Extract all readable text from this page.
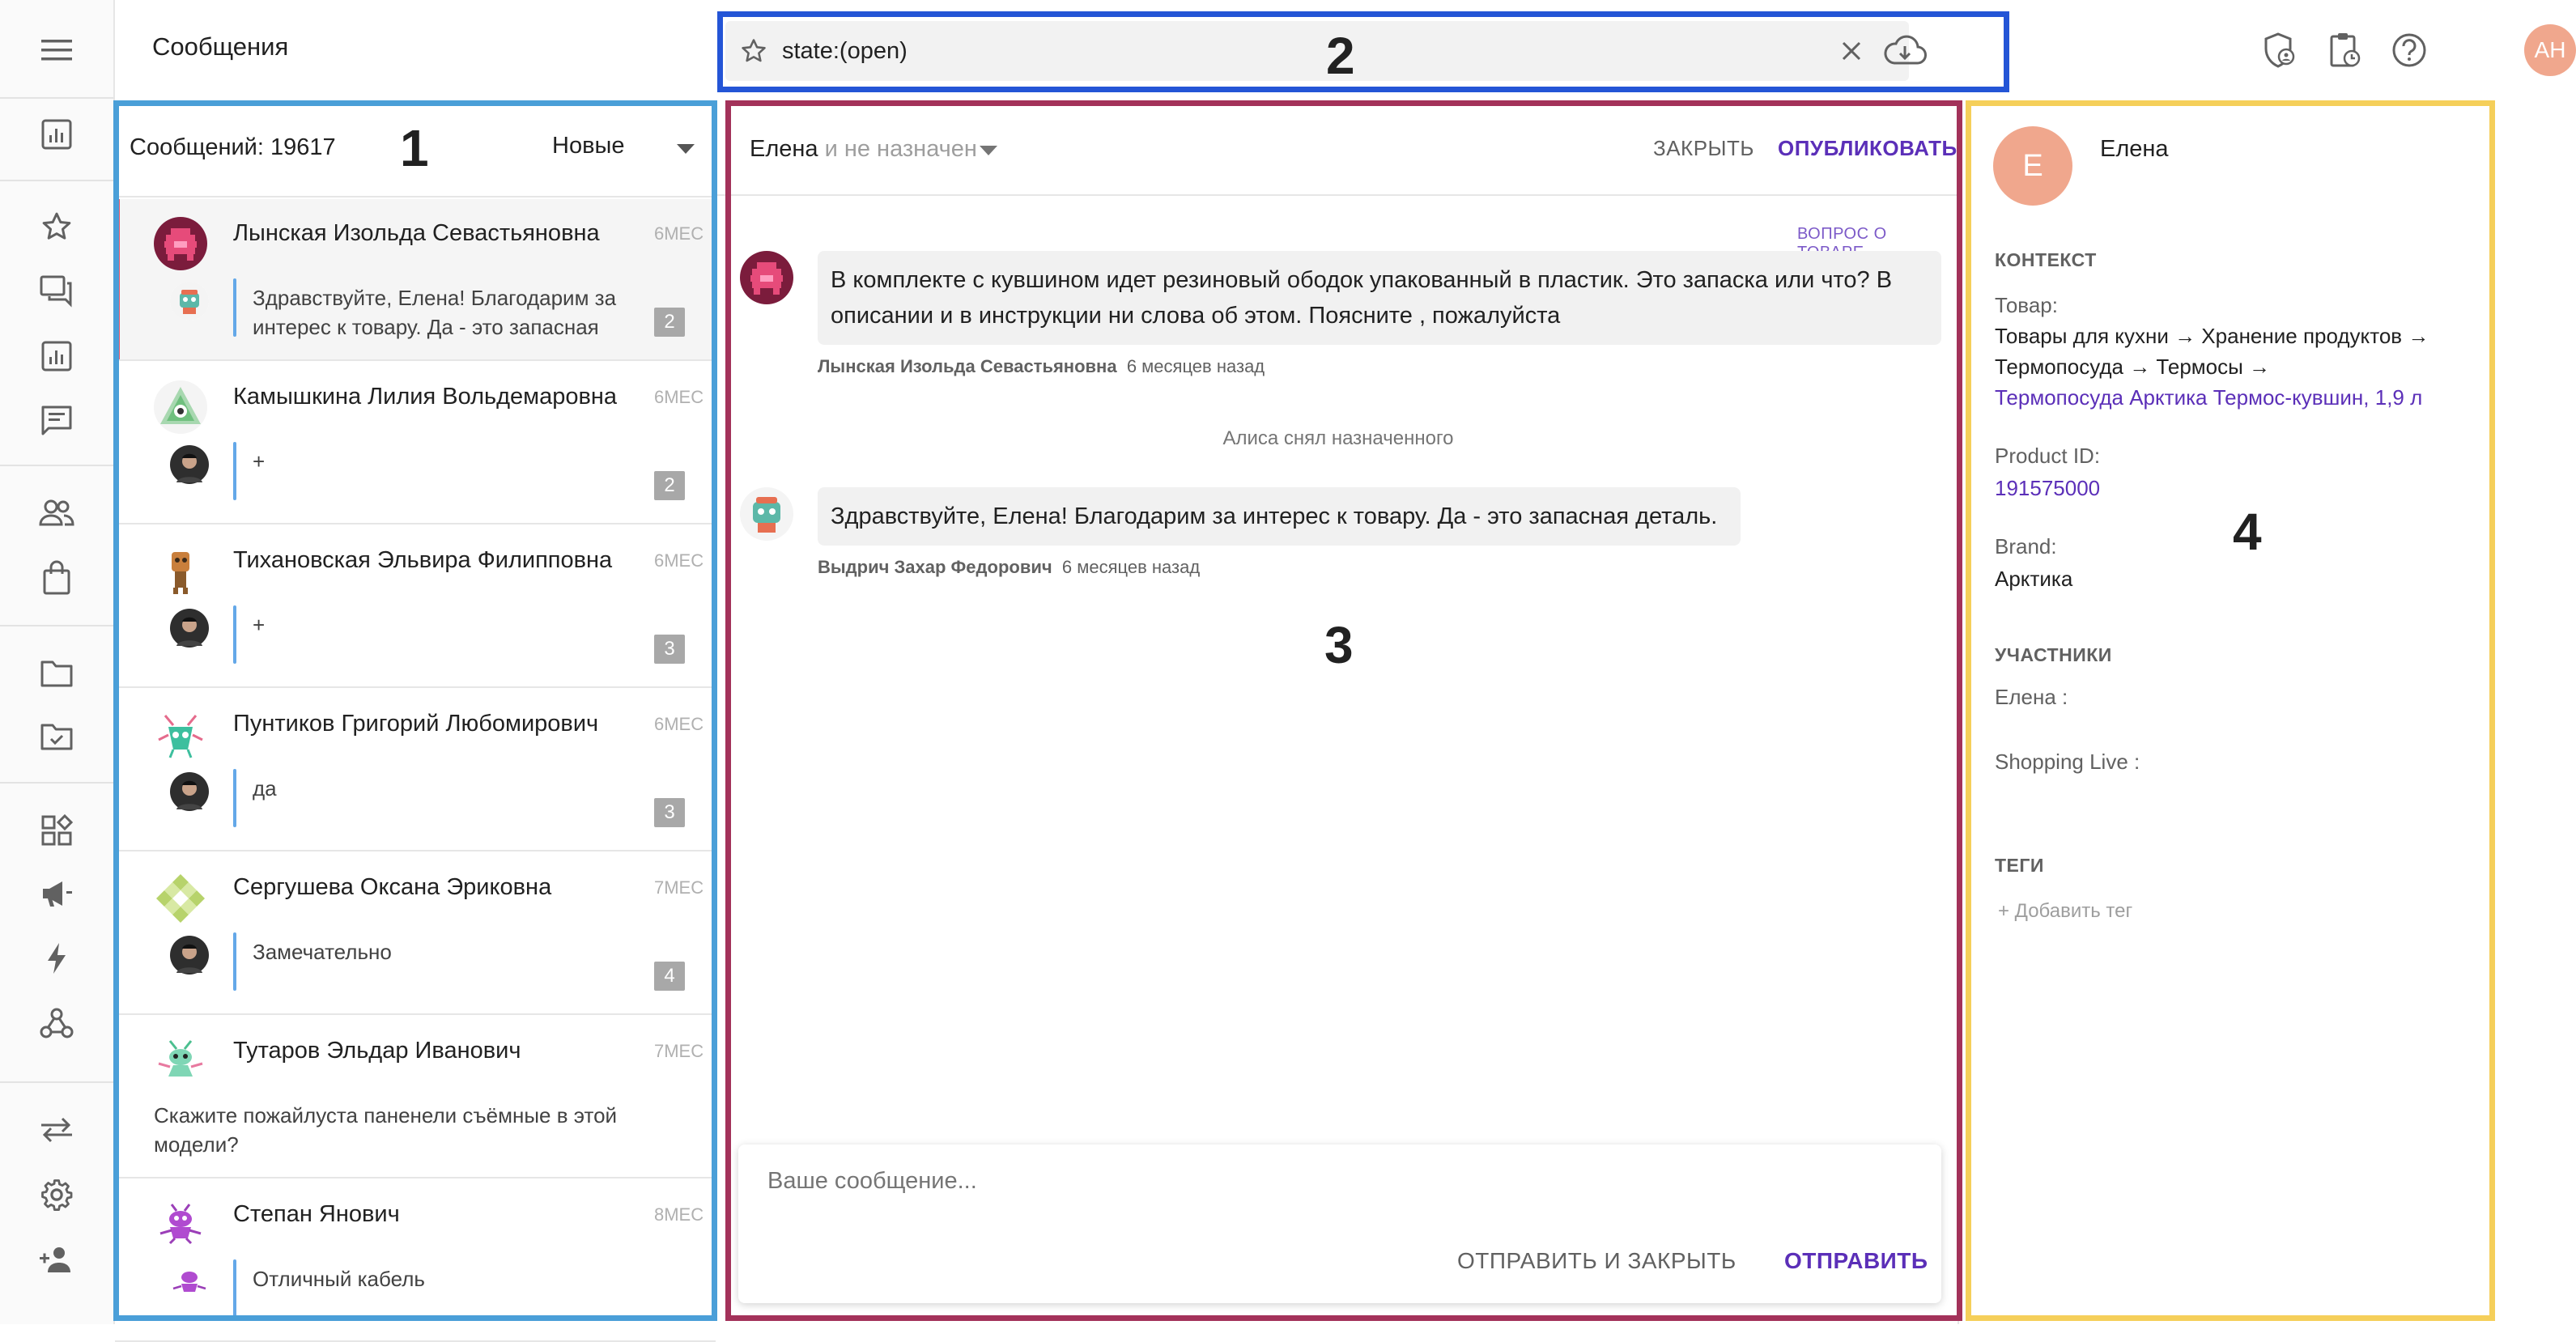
Сообщения
state:(open)	АН
Сообщений: 19617	Новые
Лынская Изольда Севастьяновна	6МЕС
Здравствуйте, Елена! Благодарим за интерес к товару. Да - это запасная	2
Камышкина Лилия Вольдемаровна 6МЕС
+
2
Тихановская Эльвира Филипповна 6МЕС
+
3
Пунтиков Григорий Любомирович	6МЕС
да
3
Сергушева Оксана Эриковна	7МЕС
Замечательно
4
Тутаров Эльдар Иванович	7МЕС
Скажите пожайлуста паненели съёмные в этой модели?
Степан Янович	8МЕС
Отличный кабель
Елена и не назначен	ЗАКРЫТЬ ОПУБЛИКОВАТЬ
ВОПРОС О
В комплекте с кувшином идет резиновый ободок упакованный в пластик. Это запаска или что? В описании и в инструкции ни слова об этом. Поясните , пожалуйста
Лынская Изольда Севастьяновна 6 месяцев назад
Алиса снял назначенного
Здравствуйте, Елена! Благодарим за интерес к товару. Да - это запасная деталь.
Выдрич Захар Федорович 6 месяцев назад
Ваше сообщение...
ОТПРАВИТЬ И ЗАКРЫТЬ ОТПРАВИТЬ
Е	Елена
КОНТЕКСТ
Товар:
Товары для кухни → Хранение продуктов →
Термопосуда → Термосы →
Термопосуда Арктика Термос-кувшин, 1,9 л
Product ID:
191575000
Brand:
Арктика
УЧАСТНИКИ
Елена :
Shopping Live :
ТЕГИ
+ Добавить тег
1
2
3
4
